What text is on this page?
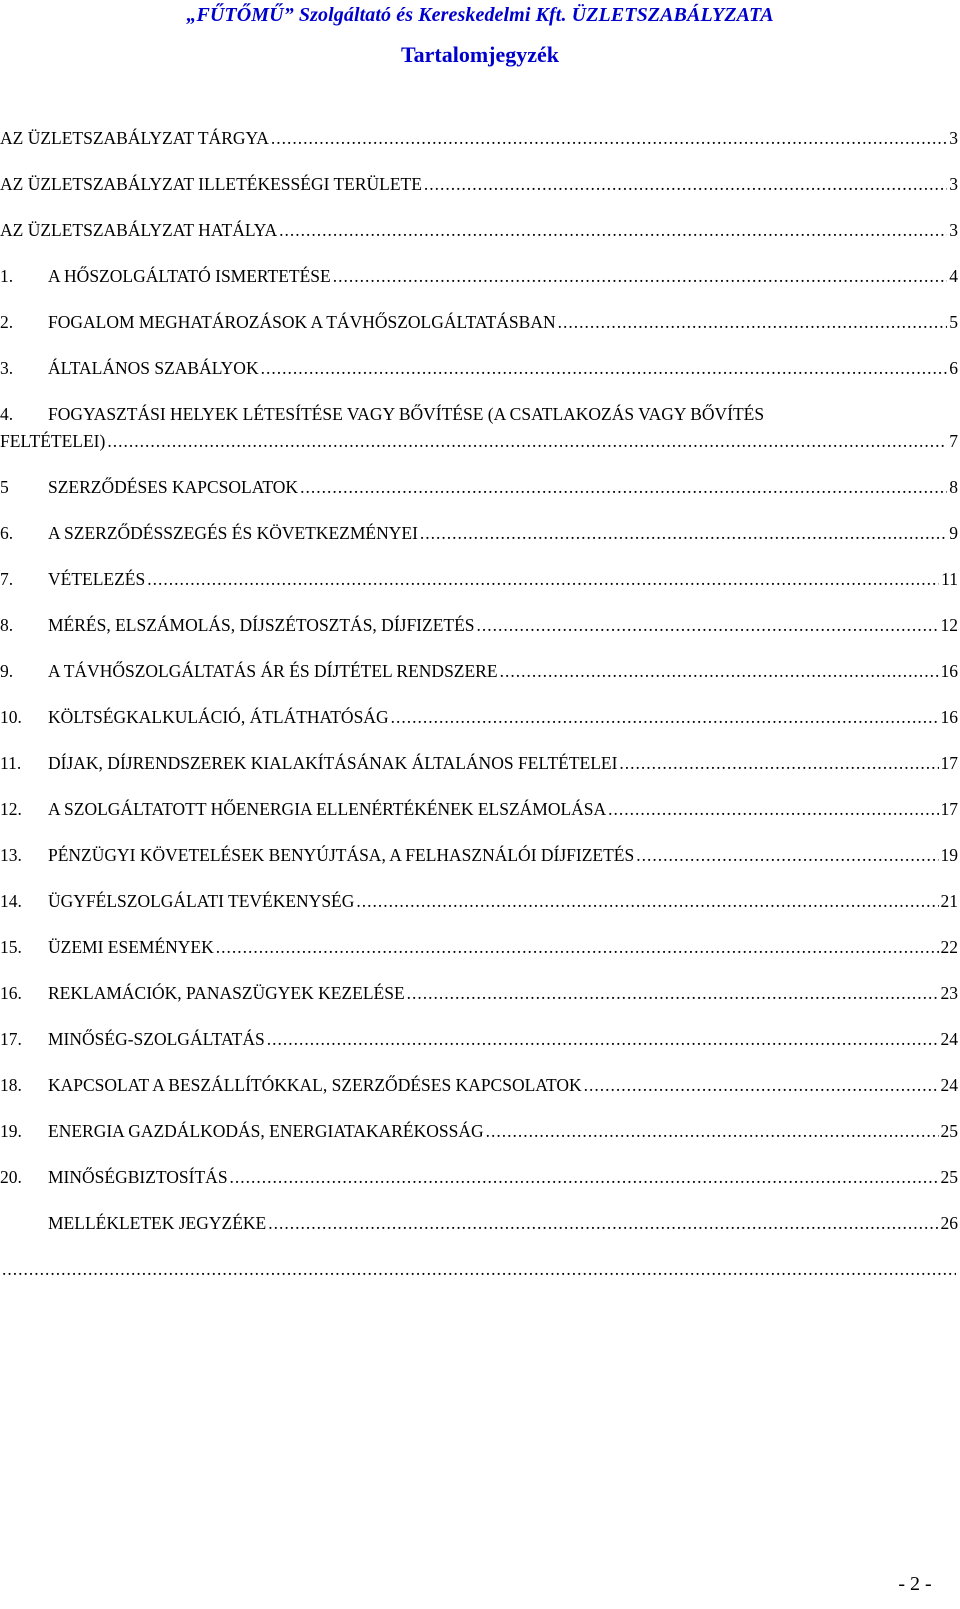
„FŰTŐMŰ” Szolgáltató és Kereskedelmi Kft. ÜZLETSZABÁLYZATA
Tartalomjegyzék
AZ ÜZLETSZABÁLYZAT TÁRGYA .....	3
AZ ÜZLETSZABÁLYZAT ILLETÉKESSÉGI TERÜLETE .....	3
AZ ÜZLETSZABÁLYZAT HATÁLYA .....	3
1.	A HŐSZOLGÁLTATÓ ISMERTETÉSE .....	4
2.	FOGALOM MEGHATÁROZÁSOK A TÁVHŐSZOLGÁLTATÁSBAN .....	5
3.	ÁLTALÁNOS SZABÁLYOK .....	6
4.	FOGYASZTÁSI HELYEK LÉTESÍTÉSE VAGY BŐVÍTÉSE (A CSATLAKOZÁS VAGY BŐVÍTÉS
FELTÉTELEI) .....	7
5	SZERZŐDÉSES KAPCSOLATOK .....	8
6.	A SZERZŐDÉSSZEGÉS ÉS KÖVETKEZMÉNYEI .....	9
7.	VÉTELEZÉS .....	11
8.	MÉRÉS, ELSZÁMOLÁS, DÍJSZÉTOSZTÁS, DÍJFIZETÉS .....	12
9.	A TÁVHŐSZOLGÁLTATÁS ÁR ÉS DÍJTÉTEL RENDSZERE .....	16
10.	KÖLTSÉGKALKULÁCIÓ, ÁTLÁTHATÓSÁG .....	16
11.	DÍJAK, DÍJRENDSZEREK KIALAKÍTÁSÁNAK ÁLTALÁNOS FELTÉTELEI .....	17
12.	A SZOLGÁLTATOTT HŐENERGIA ELLENÉRTÉKÉNEK ELSZÁMOLÁSA .....	17
13.	PÉNZÜGYI KÖVETELÉSEK BENYÚJTÁSA, A FELHASZNÁLÓI DÍJFIZETÉS .....	19
14.	ÜGYFÉLSZOLGÁLATI TEVÉKENYSÉG .....	21
15.	ÜZEMI ESEMÉNYEK .....	22
16.	REKLAMÁCIÓK, PANASZÜGYEK KEZELÉSE .....	23
17.	MINŐSÉG-SZOLGÁLTATÁS .....	24
18.	KAPCSOLAT A BESZÁLLÍTÓKKAL, SZERZŐDÉSES KAPCSOLATOK .....	24
19.	ENERGIA GAZDÁLKODÁS, ENERGIATAKARÉKOSSÁG .....	25
20.	MINŐSÉGBIZTOSÍTÁS .....	25
MELLÉKLETEK JEGYZÉKE .....	26
.....
- 2 -
